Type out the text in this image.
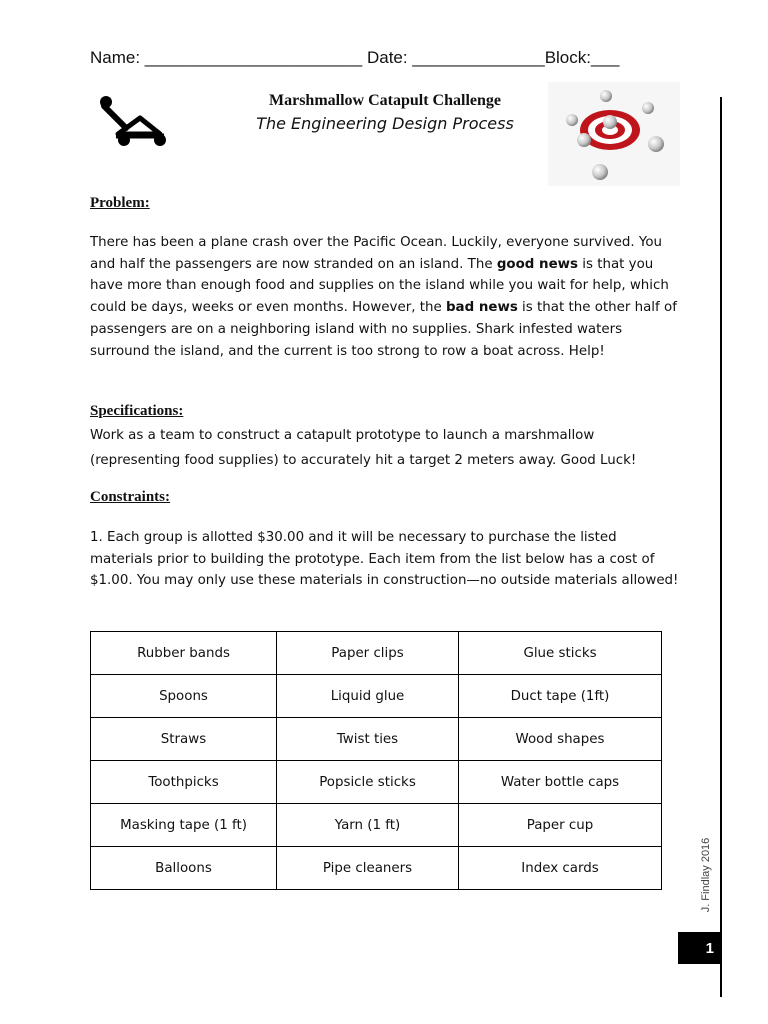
Name: _______________________ Date: ______________Block:___
Marshmallow Catapult Challenge
The Engineering Design Process
Problem:
There has been a plane crash over the Pacific Ocean. Luckily, everyone survived. You and half the passengers are now stranded on an island. The good news is that you have more than enough food and supplies on the island while you wait for help, which could be days, weeks or even months. However, the bad news is that the other half of passengers are on a neighboring island with no supplies. Shark infested waters surround the island, and the current is too strong to row a boat across. Help!
Specifications:
Work as a team to construct a catapult prototype to launch a marshmallow (representing food supplies) to accurately hit a target 2 meters away. Good Luck!
Constraints:
1. Each group is allotted $30.00 and it will be necessary to purchase the listed materials prior to building the prototype. Each item from the list below has a cost of $1.00. You may only use these materials in construction—no outside materials allowed!
Rubber bands	Paper clips	Glue sticks
Spoons	Liquid glue	Duct tape (1ft)
Straws	Twist ties	Wood shapes
Toothpicks	Popsicle sticks	Water bottle caps
Masking tape (1 ft)	Yarn (1 ft)	Paper cup
Balloons	Pipe cleaners	Index cards	J. Findlay 2016
1
